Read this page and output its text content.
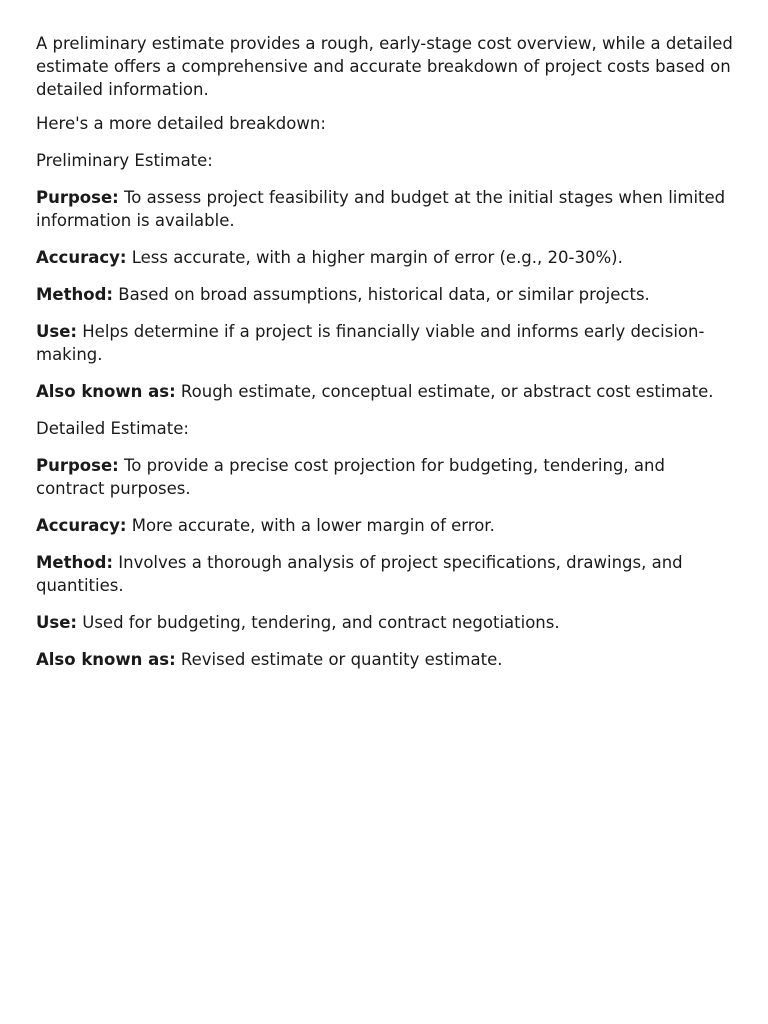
A preliminary estimate provides a rough, early-stage cost overview, while a detailed estimate offers a comprehensive and accurate breakdown of project costs based on detailed information.

Here's a more detailed breakdown:

Preliminary Estimate:

Purpose: To assess project feasibility and budget at the initial stages when limited information is available.

Accuracy: Less accurate, with a higher margin of error (e.g., 20-30%).

Method: Based on broad assumptions, historical data, or similar projects.

Use: Helps determine if a project is financially viable and informs early decision-making.

Also known as: Rough estimate, conceptual estimate, or abstract cost estimate.

Detailed Estimate:

Purpose: To provide a precise cost projection for budgeting, tendering, and contract purposes.

Accuracy: More accurate, with a lower margin of error.

Method: Involves a thorough analysis of project specifications, drawings, and quantities.

Use: Used for budgeting, tendering, and contract negotiations.

Also known as: Revised estimate or quantity estimate.
